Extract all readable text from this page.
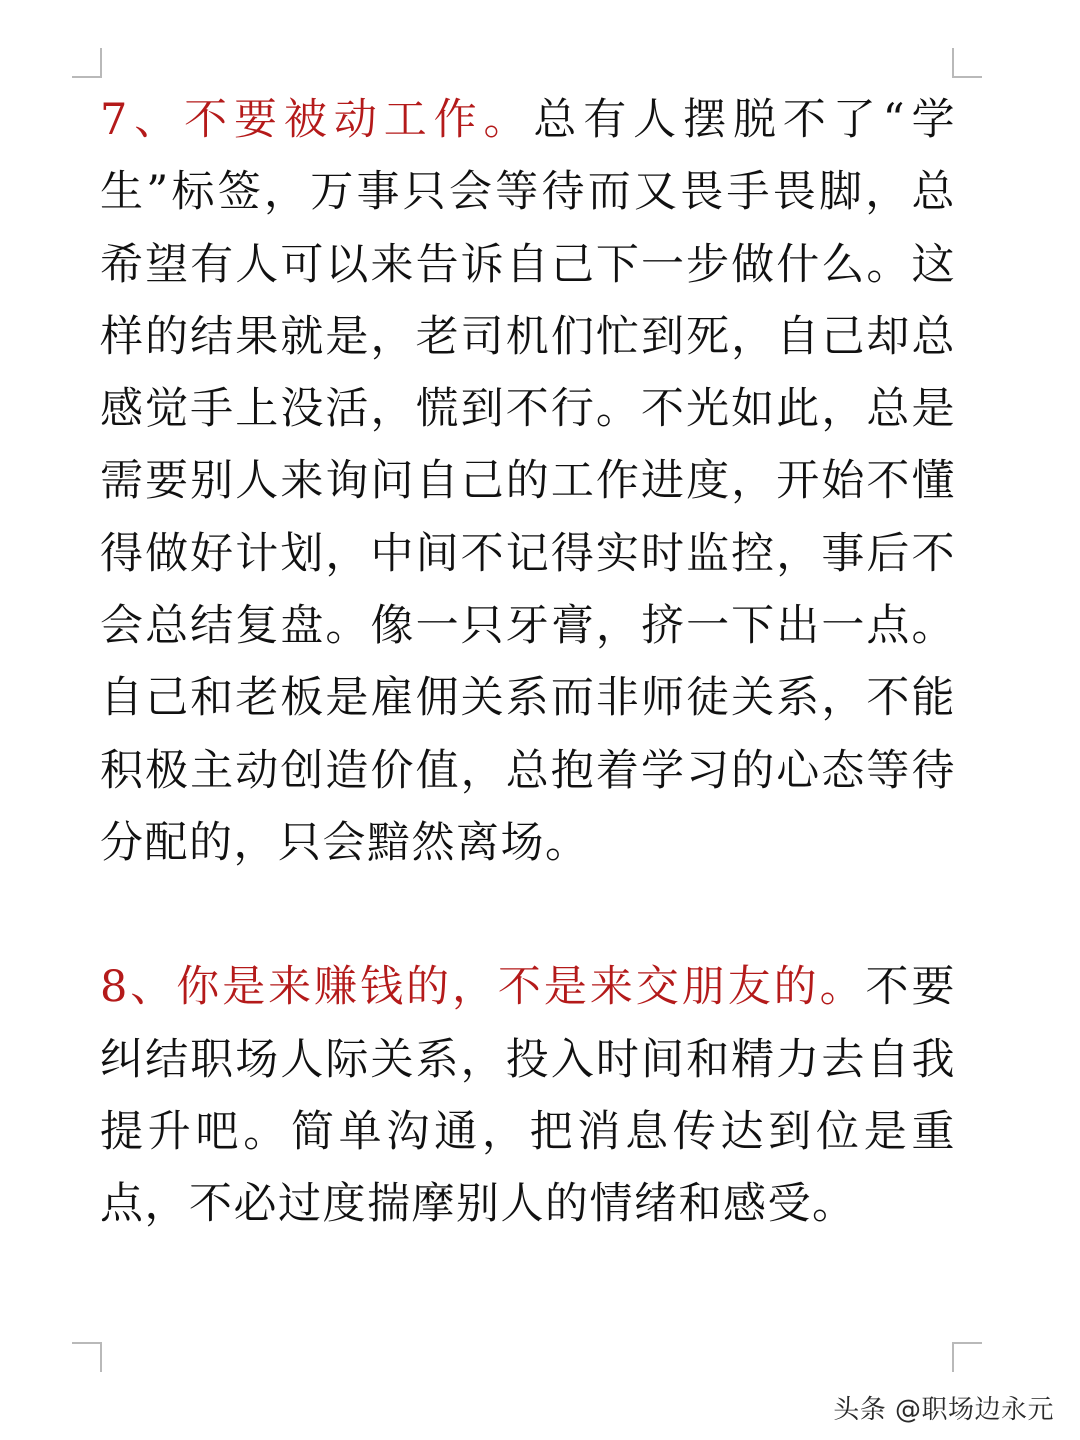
7、不要被动工作。总有人摆脱不了“学生”标签，万事只会等待而又畏手畏脚，总希望有人可以来告诉自己下一步做什么。这样的结果就是，老司机们忙到死，自己却总感觉手上没活，慌到不行。不光如此，总是需要别人来询问自己的工作进度，开始不懂得做好计划，中间不记得实时监控，事后不会总结复盘。像一只牙膏，挤一下出一点。自己和老板是雇佣关系而非师徒关系，不能积极主动创造价值，总抱着学习的心态等待分配的，只会黯然离场。

8、你是来赚钱的，不是来交朋友的。不要纠结职场人际关系，投入时间和精力去自我提升吧。简单沟通，把消息传达到位是重点，不必过度揣摩别人的情绪和感受。

头条 @职场边永元
